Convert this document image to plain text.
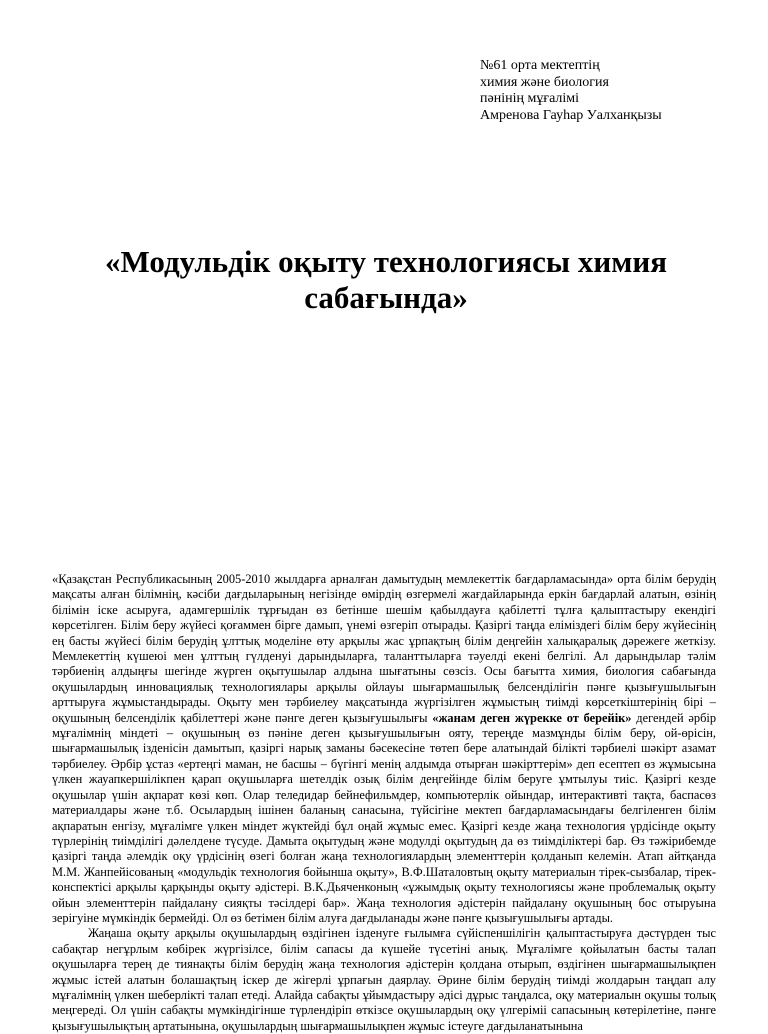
№61 орта мектептің
химия және биология
пәнінің мұғалімі
Амренова Гауһар Уалханқызы
«Модульдік оқыту технологиясы химия
сабағында»

«Қазақстан Республикасының 2005-2010 жылдарға арналған дамытудың мемлекеттік бағдарламасында» орта білім берудің мақсаты алған білімнің, кәсіби дағдыларының негізінде өмірдің өзгермелі жағдайларында еркін бағдарлай алатын, өзінің білімін іске асыруға, адамгершілік тұрғыдан өз бетінше шешім қабылдауға қабілетті тұлға қалыптастыру екендігі көрсетілген. Білім беру жүйесі қоғаммен бірге дамып, үнемі өзгеріп отырады. Қазіргі таңда еліміздегі білім беру жүйесінің ең басты жүйесі білім берудің ұлттық моделіне өту арқылы жас ұрпақтың білім деңгейін халықаралық дәрежеге жеткізу. Мемлекеттің күшеюі мен ұлттың гүлденуі дарындыларға, таланттыларға тәуелді екені белгілі. Ал дарындылар тәлім тәрбиенің алдыңғы шегінде жүрген оқытушылар алдына шығатыны сөзсіз. Осы бағытта химия, биология сабағында оқушылардың инновациялық технологиялары арқылы ойлауы шығармашылық белсенділігін пәнге қызығушылығын арттыруға жұмыстандырады. Оқыту мен тәрбиелеу мақсатында жүргізілген жұмыстың тиімді көрсеткіштерінің бірі – оқушының белсенділік қабілеттері және пәнге деген қызығушылығы «жанам деген жүрекке от берейік» дегендей әрбір мұғалімнің міндеті – оқушының өз пәніне деген қызығушылығын ояту, тереңде мазмұнды білім беру, ой-өрісін, шығармашылық ізденісін дамытып, қазіргі нарық заманы бәсекесіне төтеп бере алатындай білікті тәрбиелі шәкірт азамат тәрбиелеу. Әрбір ұстаз «ертеңгі маман, не басшы – бүгінгі менің алдымда отырған шәкірттерім» деп есептеп өз жұмысына үлкен жауапкершілікпен қарап оқушыларға шетелдік озық білім деңгейінде білім беруге ұмтылуы тиіс. Қазіргі кезде оқушылар үшін ақпарат көзі көп. Олар теледидар бейнефильмдер, компьютерлік ойындар, интерактивті тақта, баспасөз материалдары және т.б. Осылардың ішінен баланың санасына, түйсігіне мектеп бағдарламасындағы белгіленген білім ақпаратын енгізу, мұғалімге үлкен міндет жүктейді бұл оңай жұмыс емес. Қазіргі кезде жаңа технология үрдісінде оқыту түрлерінің тиімділігі дәлелдене түсуде. Дамыта оқытудың және модулді оқытудың да өз тиімділіктері бар. Өз тәжірибемде қазіргі таңда әлемдік оқу үрдісінің өзегі болған жаңа технологиялардың элементтерін қолданып келемін. Атап айтқанда М.М. Жанпейісованың «модульдік технология бойынша оқыту», В.Ф.Шаталовтың оқыту материалын тірек-сызбалар, тірек-конспектісі арқылы қарқынды оқыту әдістері. В.К.Дьяченконың «ұжымдық оқыту технологиясы және проблемалық оқыту ойын элементтерін пайдалану сияқты тәсілдері бар». Жаңа технология әдістерін пайдалану оқушының бос отыруына зерігуіне мүмкіндік бермейді. Ол өз бетімен білім алуға дағдыланады және пәнге қызығушылығы артады.

Жаңаша оқыту арқылы оқушылардың өздігінен ізденуге ғылымға сүйіспеншілігін қалыптастыруға дәстүрден тыс сабақтар негұрлым көбірек жүргізілсе, білім сапасы да күшейе түсетіні анық. Мұғалімге қойылатын басты талап оқушыларға терең де тиянақты білім берудің жаңа технология әдістерін қолдана отырып, өздігінен шығармашылықпен жұмыс істей алатын болашақтың іскер де жігерлі ұрпағын даярлау. Әрине білім берудің тиімді жолдарын таңдап алу мұғалімнің үлкен шеберлікті талап етеді. Алайда сабақты ұйымдастыру әдісі дұрыс таңдалса, оқу материалын оқушы толық меңгереді. Ол үшін сабақты мүмкіндігінше түрлендіріп өткізсе оқушылардың оқу үлгеріміі сапасының көтерілетіне, пәнге қызығушылықтың артатынына, оқушылардың шығармашылықпен жұмыс істеуге дағдыланатынына
